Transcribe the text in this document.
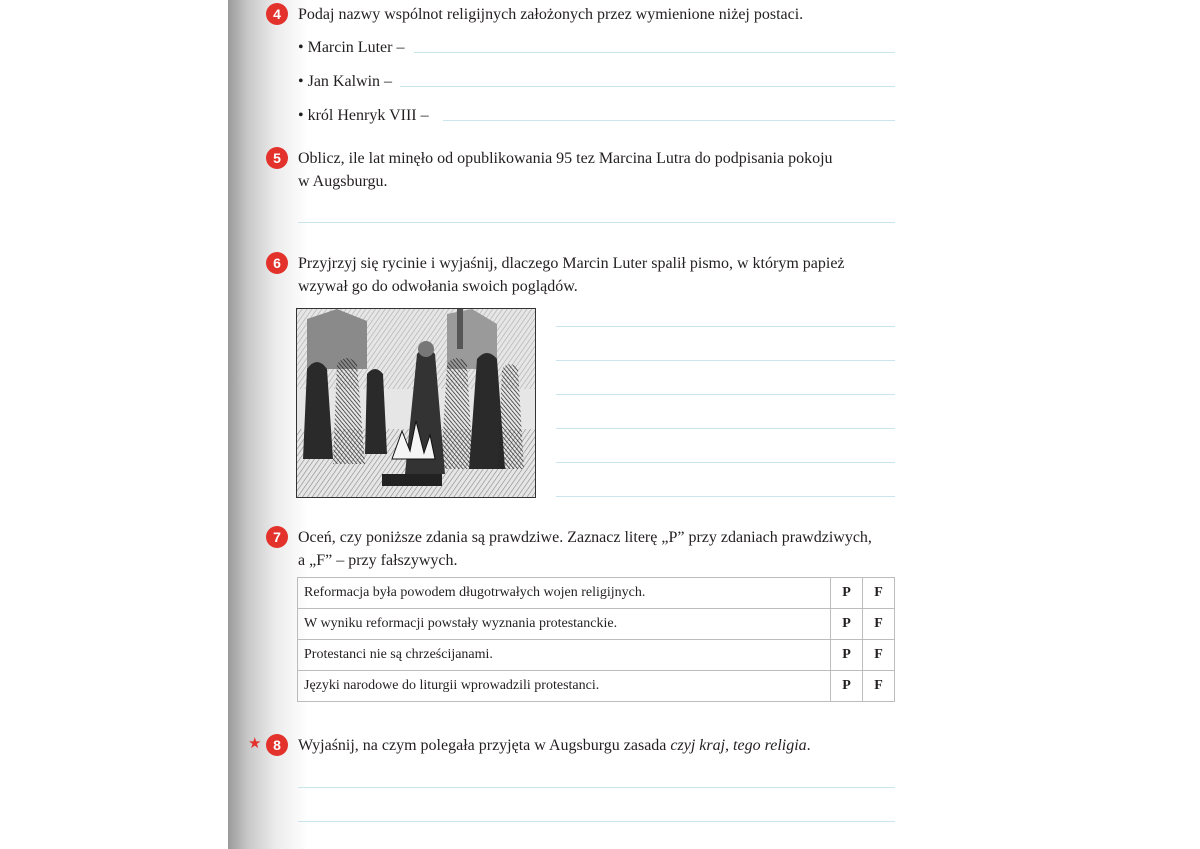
4	Podaj nazwy wspólnot religijnych założonych przez wymienione niżej postaci.
• Marcin Luter –
• Jan Kalwin –
• król Henryk VIII –
5	Oblicz, ile lat minęło od opublikowania 95 tez Marcina Lutra do podpisania pokoju
w Augsburgu.
6	Przyjrzyj się rycinie i wyjaśnij, dlaczego Marcin Luter spalił pismo, w którym papież
wzywał go do odwołania swoich poglądów.
7	Oceń, czy poniższe zdania są prawdziwe. Zaznacz literę „P” przy zdaniach prawdziwych,
a „F” – przy fałszywych.
Reformacja była powodem długotrwałych wojen religijnych.	P	F
W wyniku reformacji powstały wyznania protestanckie.	P	F
Protestanci nie są chrześcijanami.	P	F
Języki narodowe do liturgii wprowadzili protestanci.	P	F
★ 8	Wyjaśnij, na czym polegała przyjęta w Augsburgu zasada czyj kraj, tego religia.
